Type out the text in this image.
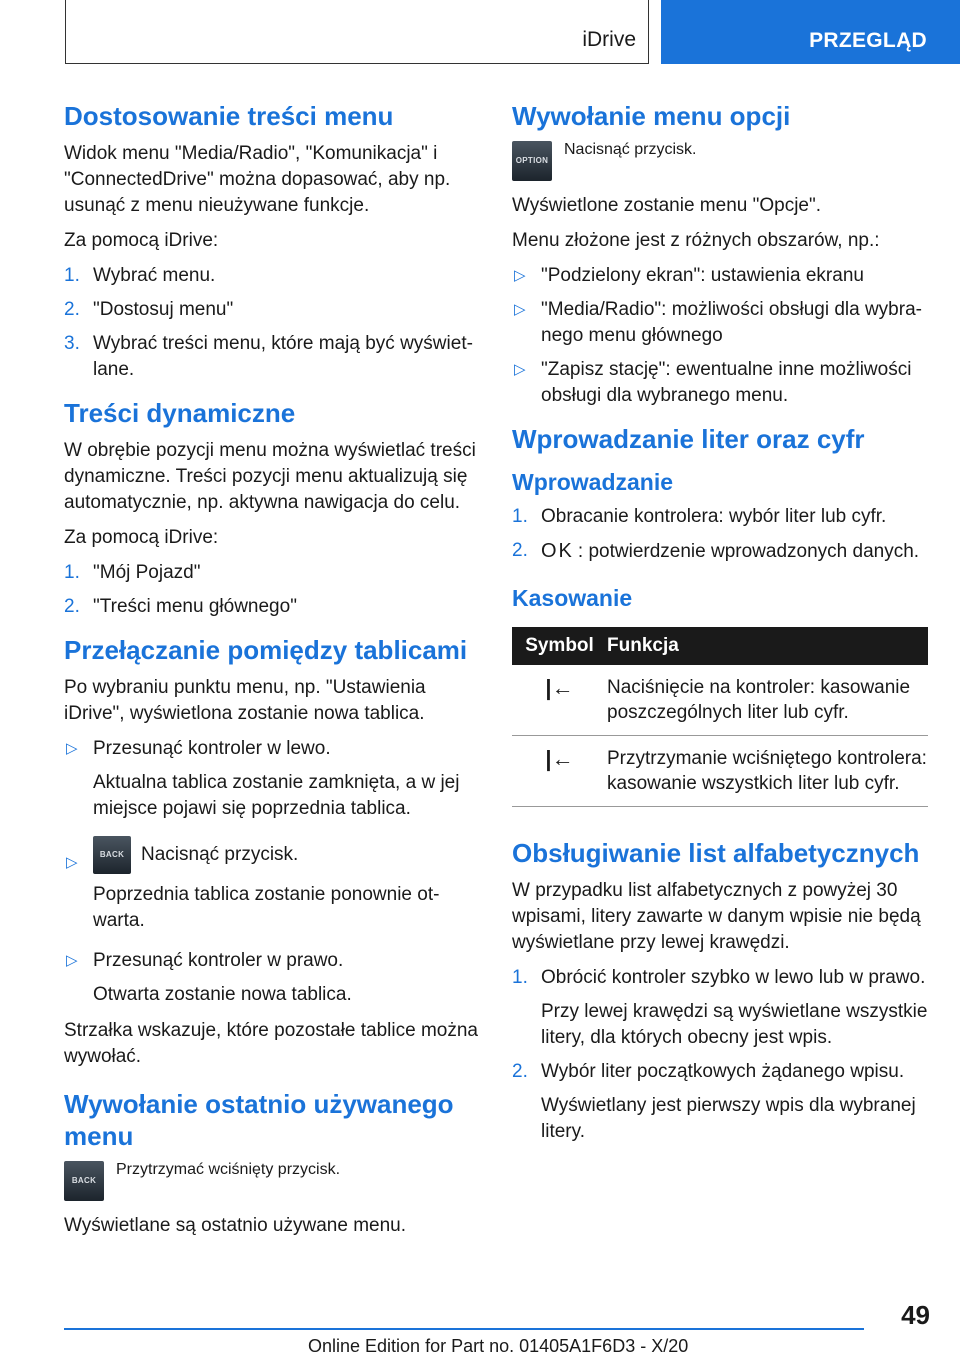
iDrive	PRZEGLĄD
Dostosowanie treści menu

Widok menu "Media/Radio", "Komunikacja" i "ConnectedDrive" można dopasować, aby np. usunąć z menu nieużywane funkcje.

Za pomocą iDrive:

1. Wybrać menu.
2. "Dostosuj menu"
3. Wybrać treści menu, które mają być wyświetlane.
Treści dynamiczne

W obrębie pozycji menu można wyświetlać treści dynamiczne. Treści pozycji menu aktualizują się automatycznie, np. aktywna nawigacja do celu.

Za pomocą iDrive:

1. "Mój Pojazd"
2. "Treści menu głównego"
Przełączanie pomiędzy tablicami

Po wybraniu punktu menu, np. "Ustawienia iDrive", wyświetlona zostanie nowa tablica.

▷ Przesunąć kontroler w lewo.
Aktualna tablica zostanie zamknięta, a w jej miejsce pojawi się poprzednia tablica.
▷	BACK Nacisnąć przycisk.
Poprzednia tablica zostanie ponownie otwarta.
▷ Przesunąć kontroler w prawo.
Otwarta zostanie nowa tablica.

Strzałka wskazuje, które pozostałe tablice można wywołać.

Wywołanie ostatnio używanego menu
BACK
Przytrzymać wciśnięty przycisk.

Wyświetlane są ostatnio używane menu.

Wywołanie menu opcji
OPTION
Nacisnąć przycisk.

Wyświetlone zostanie menu "Opcje".

Menu złożone jest z różnych obszarów, np.:

▷ "Podzielony ekran": ustawienia ekranu
▷ "Media/Radio": możliwości obsługi dla wybranego menu głównego
▷ "Zapisz stację": ewentualne inne możliwości obsługi dla wybranego menu.
Wprowadzanie liter oraz cyfr
Wprowadzanie
1. Obracanie kontrolera: wybór liter lub cyfr.
2. OK : potwierdzenie wprowadzonych danych.
Kasowanie
Symbol	Funkcja
|←	Naciśnięcie na kontroler: kasowanie poszczególnych liter lub cyfr.
|←	Przytrzymanie wciśniętego kontrolera: kasowanie wszystkich liter lub cyfr.
Obsługiwanie list alfabetycznych

W przypadku list alfabetycznych z powyżej 30 wpisami, litery zawarte w danym wpisie nie będą wyświetlane przy lewej krawędzi.

1. Obrócić kontroler szybko w lewo lub w prawo.
Przy lewej krawędzi są wyświetlane wszystkie litery, dla których obecny jest wpis.
2. Wybór liter początkowych żądanego wpisu.
Wyświetlany jest pierwszy wpis dla wybranej litery.
49
Online Edition for Part no. 01405A1F6D3 - X/20
